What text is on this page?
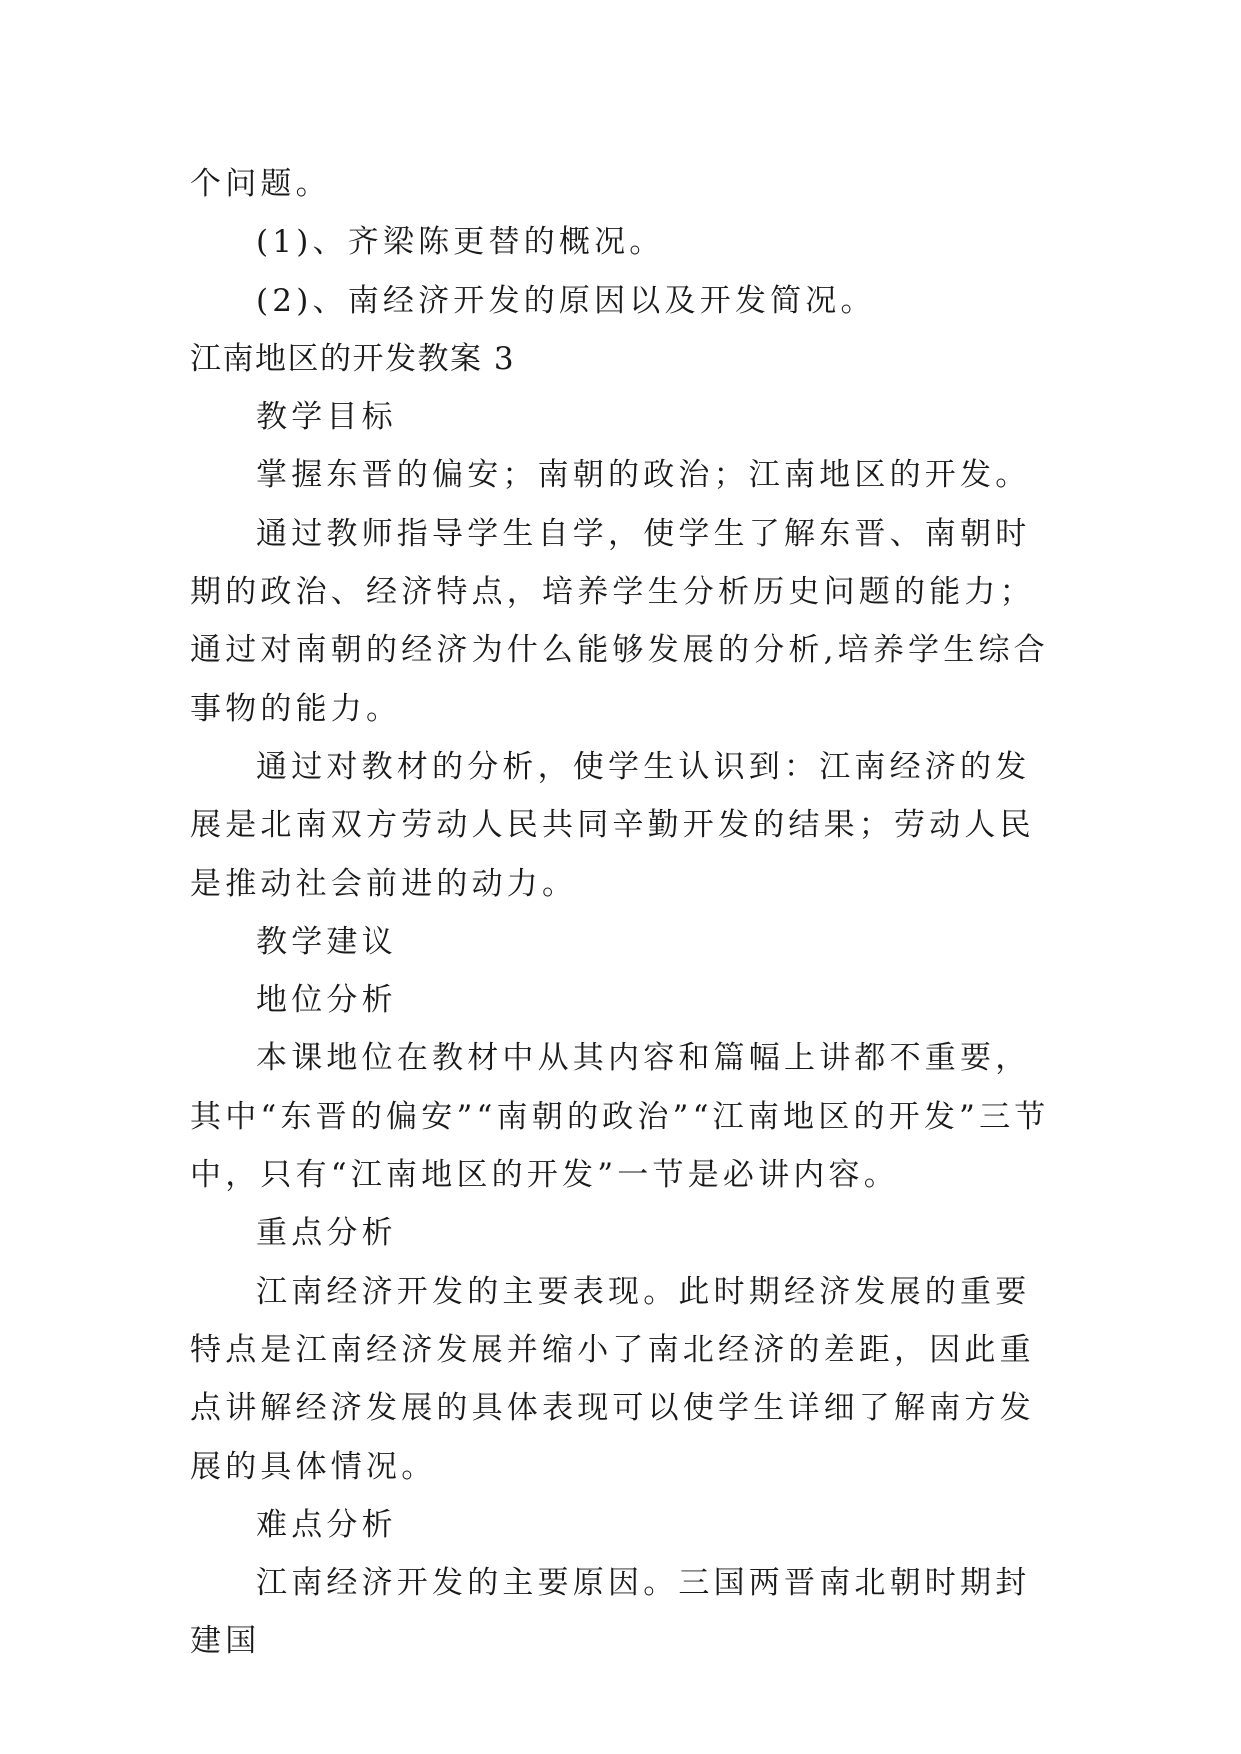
个问题。

(1)、齐梁陈更替的概况。

(2)、南经济开发的原因以及开发简况。

江南地区的开发教案 3

教学目标

掌握东晋的偏安；南朝的政治；江南地区的开发。

通过教师指导学生自学，使学生了解东晋、南朝时期的政治、经济特点，培养学生分析历史问题的能力；通过对南朝的经济为什么能够发展的分析,培养学生综合事物的能力。

通过对教材的分析，使学生认识到：江南经济的发展是北南双方劳动人民共同辛勤开发的结果；劳动人民是推动社会前进的动力。

教学建议

地位分析

本课地位在教材中从其内容和篇幅上讲都不重要，其中“东晋的偏安”“南朝的政治”“江南地区的开发”三节中，只有“江南地区的开发”一节是必讲内容。

重点分析

江南经济开发的主要表现。此时期经济发展的重要特点是江南经济发展并缩小了南北经济的差距，因此重点讲解经济发展的具体表现可以使学生详细了解南方发展的具体情况。

难点分析

江南经济开发的主要原因。三国两晋南北朝时期封建国
